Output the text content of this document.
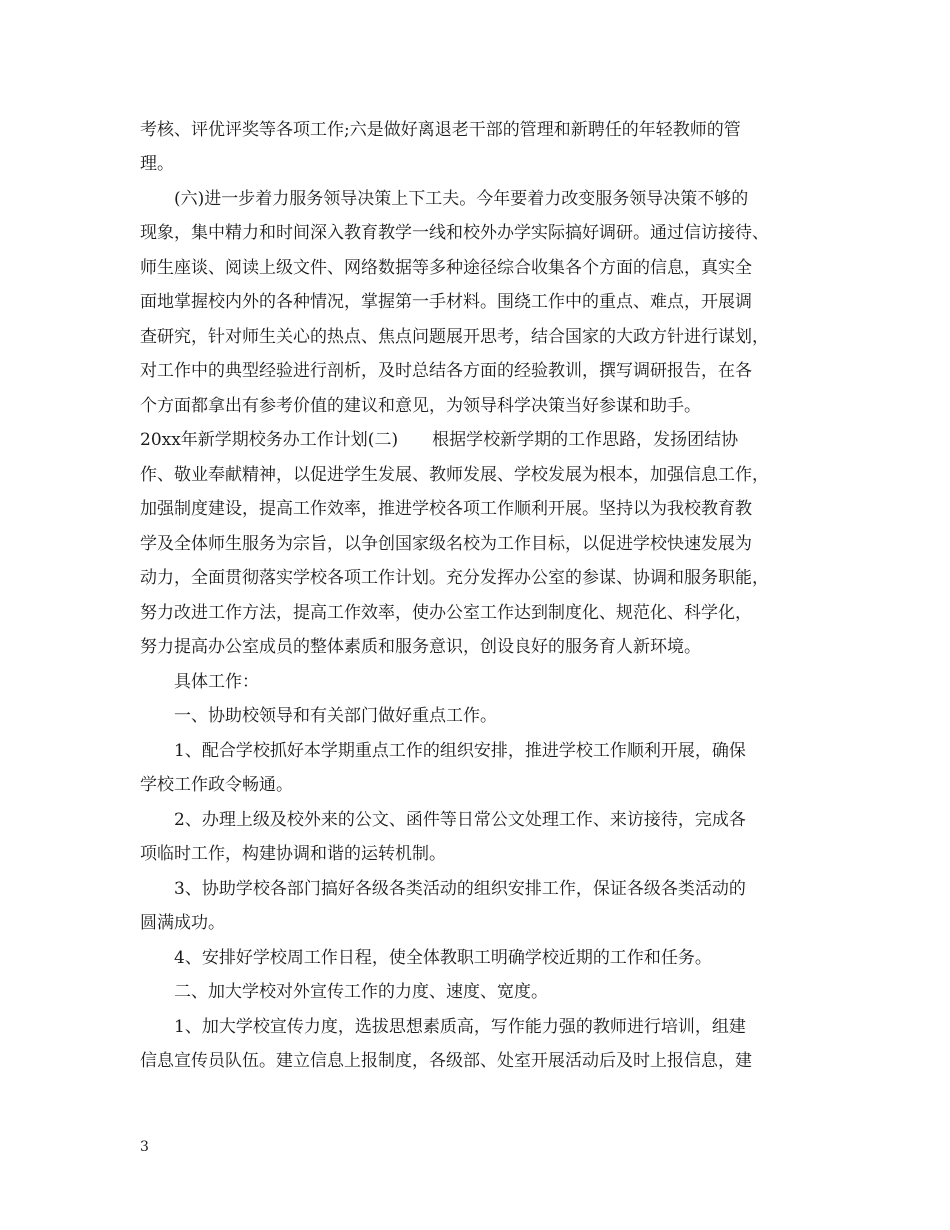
考核、评优评奖等各项工作;六是做好离退老干部的管理和新聘任的年轻教师的管
理。
(六)进一步着力服务领导决策上下工夫。今年要着力改变服务领导决策不够的
现象，集中精力和时间深入教育教学一线和校外办学实际搞好调研。通过信访接待、
师生座谈、阅读上级文件、网络数据等多种途径综合收集各个方面的信息，真实全
面地掌握校内外的各种情况，掌握第一手材料。围绕工作中的重点、难点，开展调
查研究，针对师生关心的热点、焦点问题展开思考，结合国家的大政方针进行谋划，
对工作中的典型经验进行剖析，及时总结各方面的经验教训，撰写调研报告，在各
个方面都拿出有参考价值的建议和意见，为领导科学决策当好参谋和助手。
20xx年新学期校务办工作计划(二)　　根据学校新学期的工作思路，发扬团结协
作、敬业奉献精神，以促进学生发展、教师发展、学校发展为根本，加强信息工作，
加强制度建设，提高工作效率，推进学校各项工作顺利开展。坚持以为我校教育教
学及全体师生服务为宗旨，以争创国家级名校为工作目标，以促进学校快速发展为
动力，全面贯彻落实学校各项工作计划。充分发挥办公室的参谋、协调和服务职能，
努力改进工作方法，提高工作效率，使办公室工作达到制度化、规范化、科学化，
努力提高办公室成员的整体素质和服务意识，创设良好的服务育人新环境。
具体工作：
一、协助校领导和有关部门做好重点工作。
1、配合学校抓好本学期重点工作的组织安排，推进学校工作顺利开展，确保
学校工作政令畅通。
2、办理上级及校外来的公文、函件等日常公文处理工作、来访接待，完成各
项临时工作，构建协调和谐的运转机制。
3、协助学校各部门搞好各级各类活动的组织安排工作，保证各级各类活动的
圆满成功。
4、安排好学校周工作日程，使全体教职工明确学校近期的工作和任务。
二、加大学校对外宣传工作的力度、速度、宽度。
1、加大学校宣传力度，选拔思想素质高，写作能力强的教师进行培训，组建
信息宣传员队伍。建立信息上报制度，各级部、处室开展活动后及时上报信息，建
3
